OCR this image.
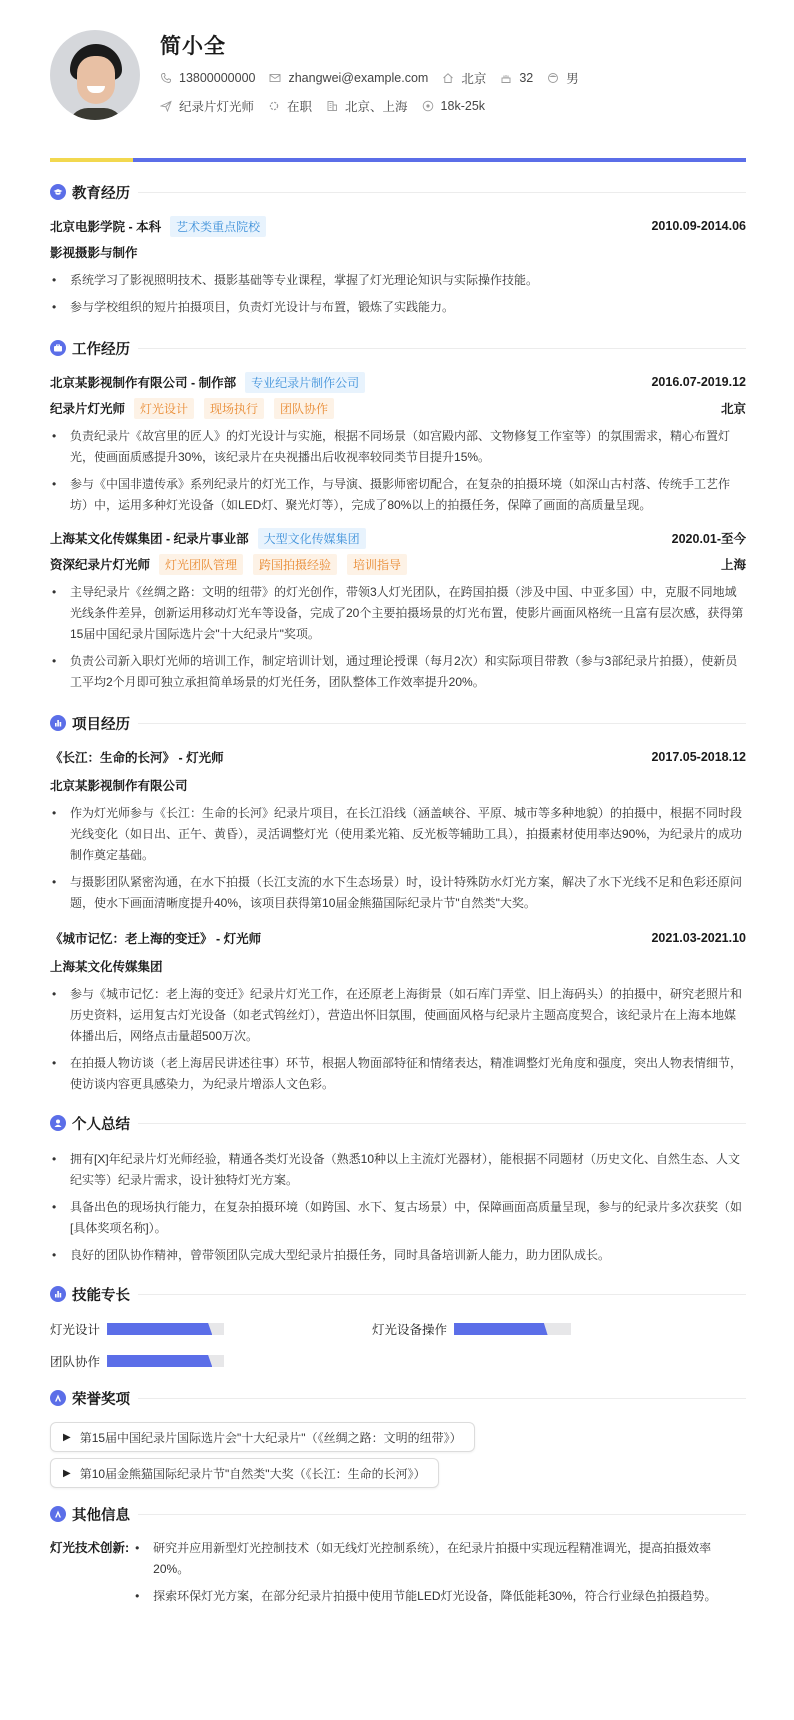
简小全
13800000000	zhangwei@example.com	北京	32	男
纪录片灯光师	在职	北京、上海	18k-25k
教育经历
北京电影学院 - 本科	艺术类重点院校	2010.09-2014.06
影视摄影与制作
• 系统学习了影视照明技术、摄影基础等专业课程，掌握了灯光理论知识与实际操作技能。
• 参与学校组织的短片拍摄项目，负责灯光设计与布置，锻炼了实践能力。
工作经历
北京某影视制作有限公司 - 制作部	专业纪录片制作公司	2016.07-2019.12
纪录片灯光师	灯光设计	现场执行	团队协作	北京
• 负责纪录片《故宫里的匠人》的灯光设计与实施，根据不同场景（如宫殿内部、文物修复工作室等）的氛围需求，精心布置灯光，使画面质感提升30%，该纪录片在央视播出后收视率较同类节目提升15%。
• 参与《中国非遗传承》系列纪录片的灯光工作，与导演、摄影师密切配合，在复杂的拍摄环境（如深山古村落、传统手工艺作坊）中，运用多种灯光设备（如LED灯、聚光灯等），完成了80%以上的拍摄任务，保障了画面的高质量呈现。
上海某文化传媒集团 - 纪录片事业部	大型文化传媒集团	2020.01-至今
资深纪录片灯光师	灯光团队管理	跨国拍摄经验	培训指导	上海
• 主导纪录片《丝绸之路：文明的纽带》的灯光创作，带领3人灯光团队，在跨国拍摄（涉及中国、中亚多国）中，克服不同地域光线条件差异，创新运用移动灯光车等设备，完成了20个主要拍摄场景的灯光布置，使影片画面风格统一且富有层次感，获得第15届中国纪录片国际选片会"十大纪录片"奖项。
• 负责公司新入职灯光师的培训工作，制定培训计划，通过理论授课（每月2次）和实际项目带教（参与3部纪录片拍摄），使新员工平均2个月即可独立承担简单场景的灯光任务，团队整体工作效率提升20%。
项目经历
《长江：生命的长河》 - 灯光师	2017.05-2018.12
北京某影视制作有限公司
• 作为灯光师参与《长江：生命的长河》纪录片项目，在长江沿线（涵盖峡谷、平原、城市等多种地貌）的拍摄中，根据不同时段光线变化（如日出、正午、黄昏），灵活调整灯光（使用柔光箱、反光板等辅助工具），拍摄素材使用率达90%，为纪录片的成功制作奠定基础。
• 与摄影团队紧密沟通，在水下拍摄（长江支流的水下生态场景）时，设计特殊防水灯光方案，解决了水下光线不足和色彩还原问题，使水下画面清晰度提升40%，该项目获得第10届金熊猫国际纪录片节"自然类"大奖。
《城市记忆：老上海的变迁》 - 灯光师	2021.03-2021.10
上海某文化传媒集团
• 参与《城市记忆：老上海的变迁》纪录片灯光工作，在还原老上海街景（如石库门弄堂、旧上海码头）的拍摄中，研究老照片和历史资料，运用复古灯光设备（如老式钨丝灯），营造出怀旧氛围，使画面风格与纪录片主题高度契合，该纪录片在上海本地媒体播出后，网络点击量超500万次。
• 在拍摄人物访谈（老上海居民讲述往事）环节，根据人物面部特征和情绪表达，精准调整灯光角度和强度，突出人物表情细节，使访谈内容更具感染力，为纪录片增添人文色彩。
个人总结
• 拥有[X]年纪录片灯光师经验，精通各类灯光设备（熟悉10种以上主流灯光器材），能根据不同题材（历史文化、自然生态、人文纪实等）纪录片需求，设计独特灯光方案。
• 具备出色的现场执行能力，在复杂拍摄环境（如跨国、水下、复古场景）中，保障画面高质量呈现，参与的纪录片多次获奖（如[具体奖项名称]）。
• 良好的团队协作精神，曾带领团队完成大型纪录片拍摄任务，同时具备培训新人能力，助力团队成长。
技能专长
灯光设计	灯光设备操作
团队协作
荣誉奖项
▶ 第15届中国纪录片国际选片会"十大纪录片"（《丝绸之路：文明的纽带》）
▶ 第10届金熊猫国际纪录片节"自然类"大奖（《长江：生命的长河》）
其他信息
灯光技术创新:	• 研究并应用新型灯光控制技术（如无线灯光控制系统），在纪录片拍摄中实现远程精准调光，提高拍摄效率20%。
• 探索环保灯光方案，在部分纪录片拍摄中使用节能LED灯光设备，降低能耗30%，符合行业绿色拍摄趋势。
